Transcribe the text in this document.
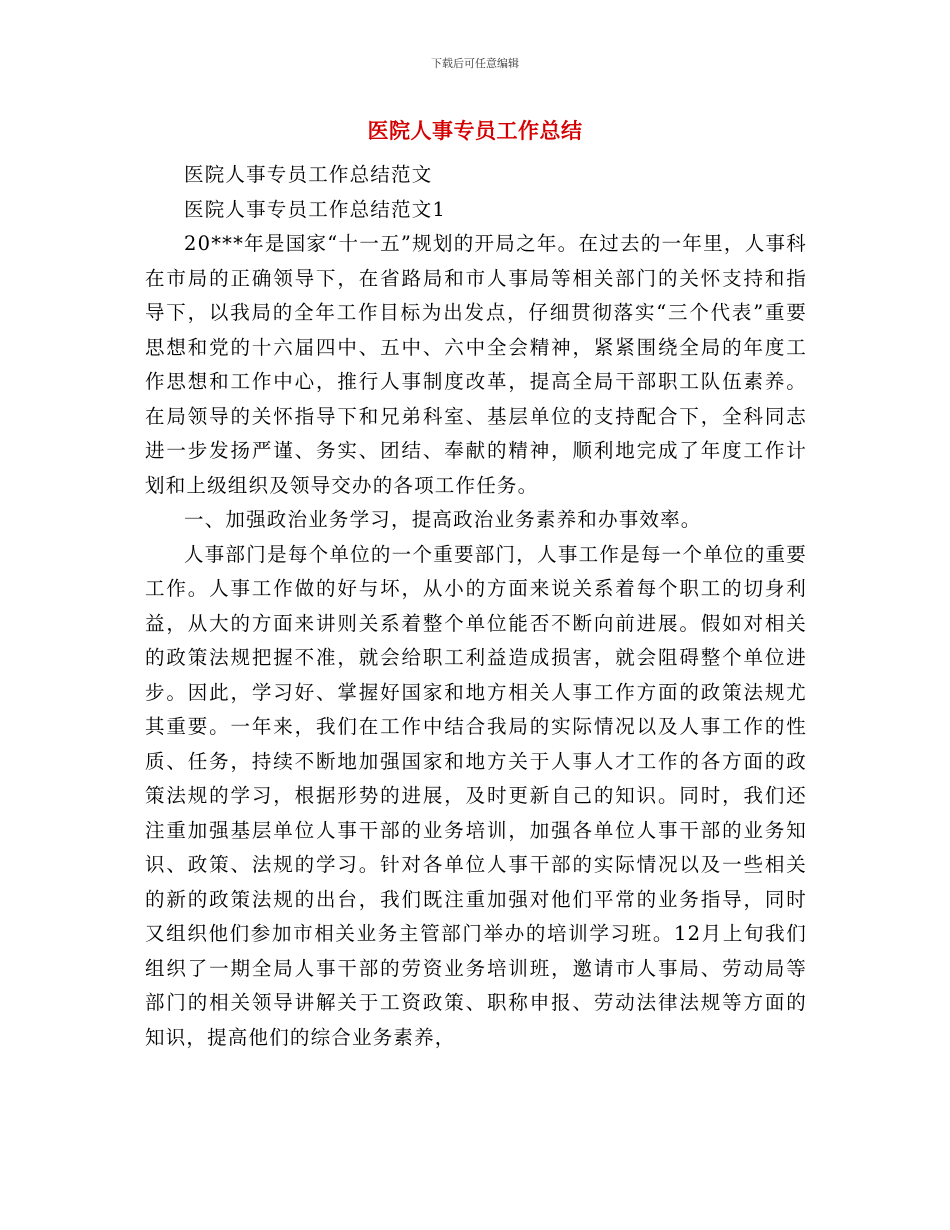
下载后可任意编辑
医院人事专员工作总结

医院人事专员工作总结范文

医院人事专员工作总结范文1

20***年是国家“十一五”规划的开局之年。在过去的一年里，人事科在市局的正确领导下，在省路局和市人事局等相关部门的关怀支持和指导下，以我局的全年工作目标为出发点，仔细贯彻落实“三个代表”重要思想和党的十六届四中、五中、六中全会精神，紧紧围绕全局的年度工作思想和工作中心，推行人事制度改革，提高全局干部职工队伍素养。在局领导的关怀指导下和兄弟科室、基层单位的支持配合下，全科同志进一步发扬严谨、务实、团结、奉献的精神，顺利地完成了年度工作计划和上级组织及领导交办的各项工作任务。

一、加强政治业务学习，提高政治业务素养和办事效率。

人事部门是每个单位的一个重要部门，人事工作是每一个单位的重要工作。人事工作做的好与坏，从小的方面来说关系着每个职工的切身利益，从大的方面来讲则关系着整个单位能否不断向前进展。假如对相关的政策法规把握不准，就会给职工利益造成损害，就会阻碍整个单位进步。因此，学习好、掌握好国家和地方相关人事工作方面的政策法规尤其重要。一年来，我们在工作中结合我局的实际情况以及人事工作的性质、任务，持续不断地加强国家和地方关于人事人才工作的各方面的政策法规的学习，根据形势的进展，及时更新自己的知识。同时，我们还注重加强基层单位人事干部的业务培训，加强各单位人事干部的业务知识、政策、法规的学习。针对各单位人事干部的实际情况以及一些相关的新的政策法规的出台，我们既注重加强对他们平常的业务指导，同时又组织他们参加市相关业务主管部门举办的培训学习班。12月上旬我们组织了一期全局人事干部的劳资业务培训班，邀请市人事局、劳动局等部门的相关领导讲解关于工资政策、职称申报、劳动法律法规等方面的知识，提高他们的综合业务素养，
